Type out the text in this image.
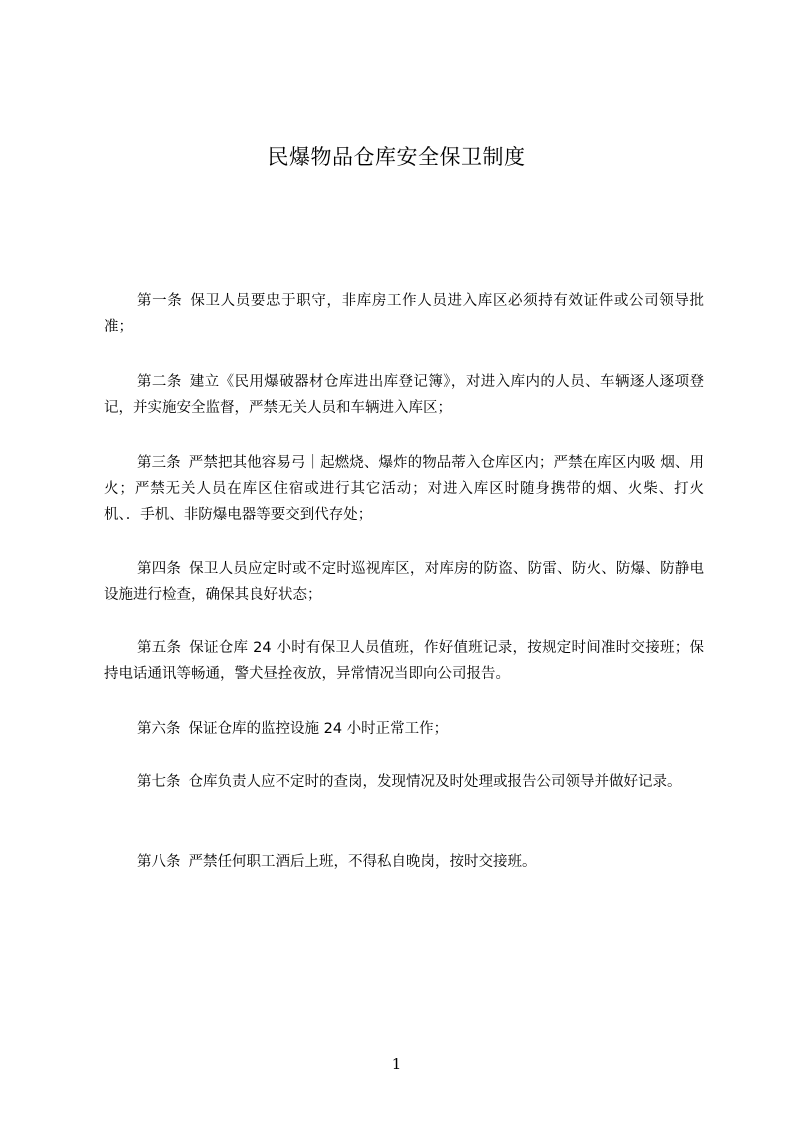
民爆物品仓库安全保卫制度
第一条 保卫人员要忠于职守，非库房工作人员进入库区必须持有效证件或公司领导批准；
第二条 建立《民用爆破器材仓库进出库登记簿》，对进入库内的人员、车辆逐人逐项登记，并实施安全监督，严禁无关人员和车辆进入库区；
第三条 严禁把其他容易弓｜起燃烧、爆炸的物品蒂入仓库区内；严禁在库区内吸 烟、用火；严禁无关人员在库区住宿或进行其它活动；对进入库区时随身携带的烟、火柴、打火机、．手机、非防爆电器等要交到代存处；
第四条 保卫人员应定时或不定时巡视库区，对库房的防盗、防雷、防火、防爆、防静电设施进行检查，确保其良好状态；
第五条 保证仓库 24 小时有保卫人员值班，作好值班记录，按规定时间准时交接班；保持电话通讯等畅通，警犬昼拴夜放，异常情况当即向公司报告。
第六条 保证仓库的监控设施 24 小时正常工作；
第七条 仓库负责人应不定时的查岗，发现情况及时处理或报告公司领导并做好记录。
第八条 严禁任何职工酒后上班，不得私自晚岗，按时交接班。
1
